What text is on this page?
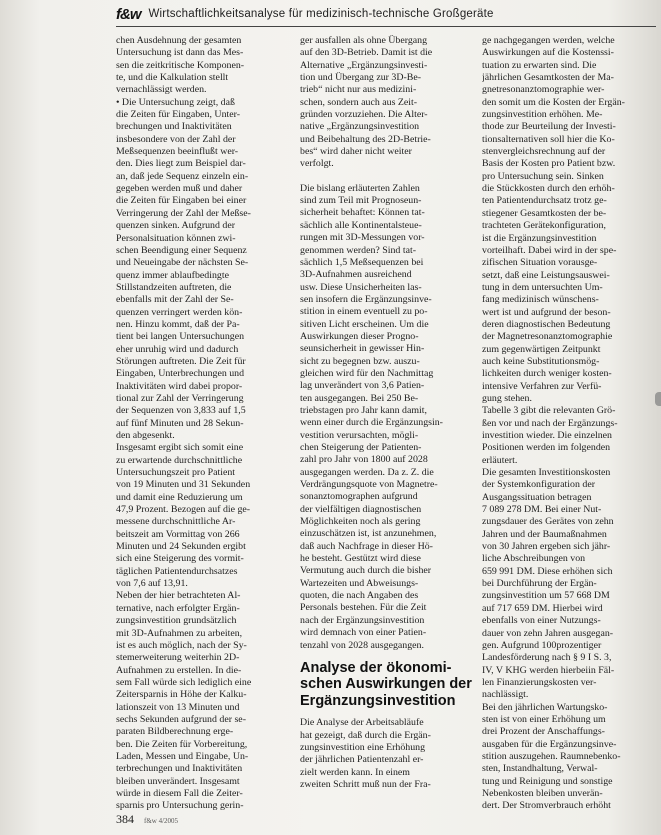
f&w Wirtschaftlichkeitsanalyse für medizinisch-technische Großgeräte
chen Ausdehnung der gesamten
Untersuchung ist dann das Mes-
sen die zeitkritische Komponen-
te, und die Kalkulation stellt
vernachlässigt werden.
• Die Untersuchung zeigt, daß
die Zeiten für Eingaben, Unter-
brechungen und Inaktivitäten
insbesondere von der Zahl der
Meßsequenzen beeinflußt wer-
den. Dies liegt zum Beispiel dar-
an, daß jede Sequenz einzeln ein-
gegeben werden muß und daher
die Zeiten für Eingaben bei einer
Verringerung der Zahl der Meßse-
quenzen sinken. Aufgrund der
Personalsituation können zwi-
schen Beendigung einer Sequenz
und Neueingabe der nächsten Se-
quenz immer ablaufbedingte
Stillstandzeiten auftreten, die
ebenfalls mit der Zahl der Se-
quenzen verringert werden kön-
nen. Hinzu kommt, daß der Pa-
tient bei langen Untersuchungen
eher unruhig wird und dadurch
Störungen auftreten. Die Zeit für
Eingaben, Unterbrechungen und
Inaktivitäten wird dabei propor-
tional zur Zahl der Verringerung
der Sequenzen von 3,833 auf 1,5
auf fünf Minuten und 28 Sekun-
den abgesenkt.
Insgesamt ergibt sich somit eine
zu erwartende durchschnittliche
Untersuchungszeit pro Patient
von 19 Minuten und 31 Sekunden
und damit eine Reduzierung um
47,9 Prozent. Bezogen auf die ge-
messene durchschnittliche Ar-
beitszeit am Vormittag von 266
Minuten und 24 Sekunden ergibt
sich eine Steigerung des vormit-
täglichen Patientendurchsatzes
von 7,6 auf 13,91.
Neben der hier betrachteten Al-
ternative, nach erfolgter Ergän-
zungsinvestition grundsätzlich
mit 3D-Aufnahmen zu arbeiten,
ist es auch möglich, nach der Sy-
stemerweiterung weiterhin 2D-
Aufnahmen zu erstellen. In die-
sem Fall würde sich lediglich eine
Zeitersparnis in Höhe der Kalku-
lationszeit von 13 Minuten und
sechs Sekunden aufgrund der se-
paraten Bildberechnung erge-
ben. Die Zeiten für Vorbereitung,
Laden, Messen und Eingabe, Un-
terbrechungen und Inaktivitäten
bleiben unverändert. Insgesamt
würde in diesem Fall die Zeiter-
sparnis pro Untersuchung gerin-
ger ausfallen als ohne Übergang
auf den 3D-Betrieb. Damit ist die
Alternative „Ergänzungsinvesti-
tion und Übergang zur 3D-Be-
trieb“ nicht nur aus medizini-
schen, sondern auch aus Zeit-
gründen vorzuziehen. Die Alter-
native „Ergänzungsinvestition
und Beibehaltung des 2D-Betrie-
bes“ wird daher nicht weiter
verfolgt.
Die bislang erläuterten Zahlen
sind zum Teil mit Prognoseun-
sicherheit behaftet: Können tat-
sächlich alle Kontinentalsteue-
rungen mit 3D-Messungen vor-
genommen werden? Sind tat-
sächlich 1,5 Meßsequenzen bei
3D-Aufnahmen ausreichend
usw. Diese Unsicherheiten las-
sen insofern die Ergänzungsinve-
stition in einem eventuell zu po-
sitiven Licht erscheinen. Um die
Auswirkungen dieser Progno-
seunsicherheit in gewisser Hin-
sicht zu begegnen bzw. auszu-
gleichen wird für den Nachmittag
lag unverändert von 3,6 Patien-
ten ausgegangen. Bei 250 Be-
triebstagen pro Jahr kann damit,
wenn einer durch die Ergänzungsin-
vestition verursachten, mögli-
chen Steigerung der Patienten-
zahl pro Jahr von 1800 auf 2028
ausgegangen werden. Da z. Z. die
Verdrängungsquote von Magnetre-
sonanztomographen aufgrund
der vielfältigen diagnostischen
Möglichkeiten noch als gering
einzuschätzen ist, ist anzunehmen,
daß auch Nachfrage in dieser Hö-
he besteht. Gestützt wird diese
Vermutung auch durch die bisher
Wartezeiten und Abweisungs-
quoten, die nach Angaben des
Personals bestehen. Für die Zeit
nach der Ergänzungsinvestition
wird demnach von einer Patien-
tenzahl von 2028 ausgegangen.
Analyse der ökonomi-
schen Auswirkungen der
Ergänzungsinvestition
Die Analyse der Arbeitsabläufe
hat gezeigt, daß durch die Ergän-
zungsinvestition eine Erhöhung
der jährlichen Patientenzahl er-
zielt werden kann. In einem
zweiten Schritt muß nun der Fra-
ge nachgegangen werden, welche
Auswirkungen auf die Kostenssi-
tuation zu erwarten sind. Die
jährlichen Gesamtkosten der Ma-
gnetresonanztomographie wer-
den somit um die Kosten der Ergän-
zungsinvestition erhöhen. Me-
thode zur Beurteilung der Investi-
tionsalternativen soll hier die Ko-
stenvergleichsrechnung auf der
Basis der Kosten pro Patient bzw.
pro Untersuchung sein. Sinken
die Stückkosten durch den erhöh-
ten Patientendurchsatz trotz ge-
stiegener Gesamtkosten der be-
trachteten Gerätekonfiguration,
ist die Ergänzungsinvestition
vorteilhaft. Dabei wird in der spe-
zifischen Situation vorausge-
setzt, daß eine Leistungsauswei-
tung in dem untersuchten Um-
fang medizinisch wünschens-
wert ist und aufgrund der beson-
deren diagnostischen Bedeutung
der Magnetresonanztomographie
zum gegenwärtigen Zeitpunkt
auch keine Substitutionsmög-
lichkeiten durch weniger kosten-
intensive Verfahren zur Verfü-
gung stehen.
Tabelle 3 gibt die relevanten Grö-
ßen vor und nach der Ergänzungs-
investition wieder. Die einzelnen
Positionen werden im folgenden
erläutert.
Die gesamten Investitionskosten
der Systemkonfiguration der
Ausgangssituation betragen
7 089 278 DM. Bei einer Nut-
zungsdauer des Gerätes von zehn
Jahren und der Baumaßnahmen
von 30 Jahren ergeben sich jähr-
liche Abschreibungen von
659 991 DM. Diese erhöhen sich
bei Durchführung der Ergän-
zungsinvestition um 57 668 DM
auf 717 659 DM. Hierbei wird
ebenfalls von einer Nutzungs-
dauer von zehn Jahren ausgegan-
gen. Aufgrund 100prozentiger
Landesförderung nach § 9 I S. 3,
IV, V KHG werden hierbeiin Fäl-
len Finanzierungskosten ver-
nachlässigt.
Bei den jährlichen Wartungsko-
sten ist von einer Erhöhung um
drei Prozent der Anschaffungs-
ausgaben für die Ergänzungsinve-
stition auszugehen. Raumnebenko-
sten, Instandhaltung, Verwal-
tung und Reinigung und sonstige
Nebenkosten bleiben unverän-
dert. Der Stromverbrauch erhöht
384 f&w 4/2005
